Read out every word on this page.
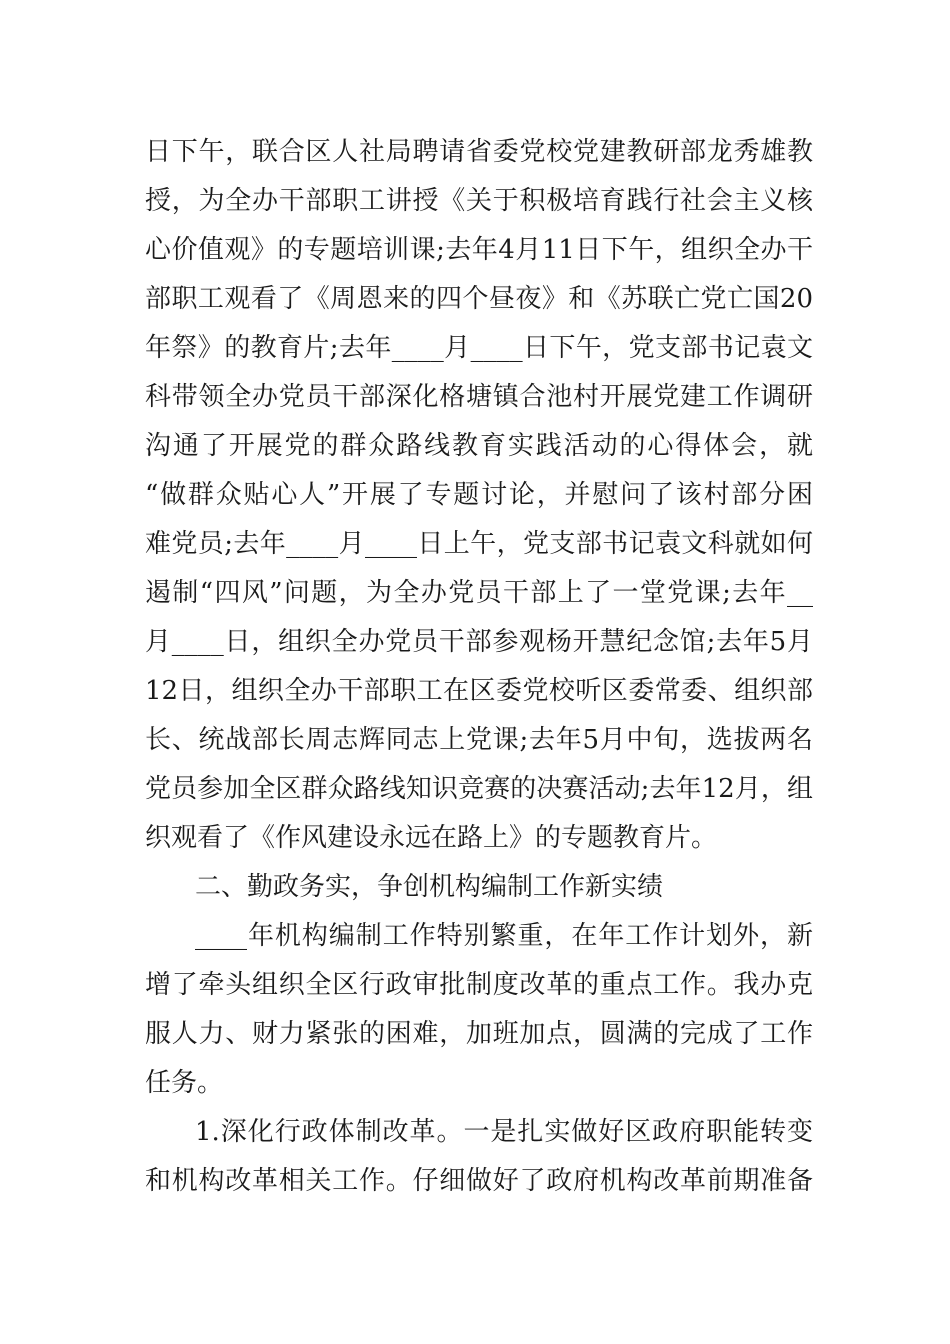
日下午，联合区人社局聘请省委党校党建教研部龙秀雄教
授，为全办干部职工讲授《关于积极培育践行社会主义核
心价值观》的专题培训课;去年4月11日下午，组织全办干
部职工观看了《周恩来的四个昼夜》和《苏联亡党亡国20
年祭》的教育片;去年____月____日下午，党支部书记袁文
科带领全办党员干部深化格塘镇合池村开展党建工作调研
沟通了开展党的群众路线教育实践活动的心得体会，就
“做群众贴心人”开展了专题讨论，并慰问了该村部分困
难党员;去年____月____日上午，党支部书记袁文科就如何
遏制“四风”问题，为全办党员干部上了一堂党课;去年__
月____日，组织全办党员干部参观杨开慧纪念馆;去年5月
12日，组织全办干部职工在区委党校听区委常委、组织部
长、统战部长周志辉同志上党课;去年5月中旬，选拔两名
党员参加全区群众路线知识竞赛的决赛活动;去年12月，组
织观看了《作风建设永远在路上》的专题教育片。
二、勤政务实，争创机构编制工作新实绩
____年机构编制工作特别繁重，在年工作计划外，新
增了牵头组织全区行政审批制度改革的重点工作。我办克
服人力、财力紧张的困难，加班加点，圆满的完成了工作
任务。
1.深化行政体制改革。一是扎实做好区政府职能转变
和机构改革相关工作。仔细做好了政府机构改革前期准备
